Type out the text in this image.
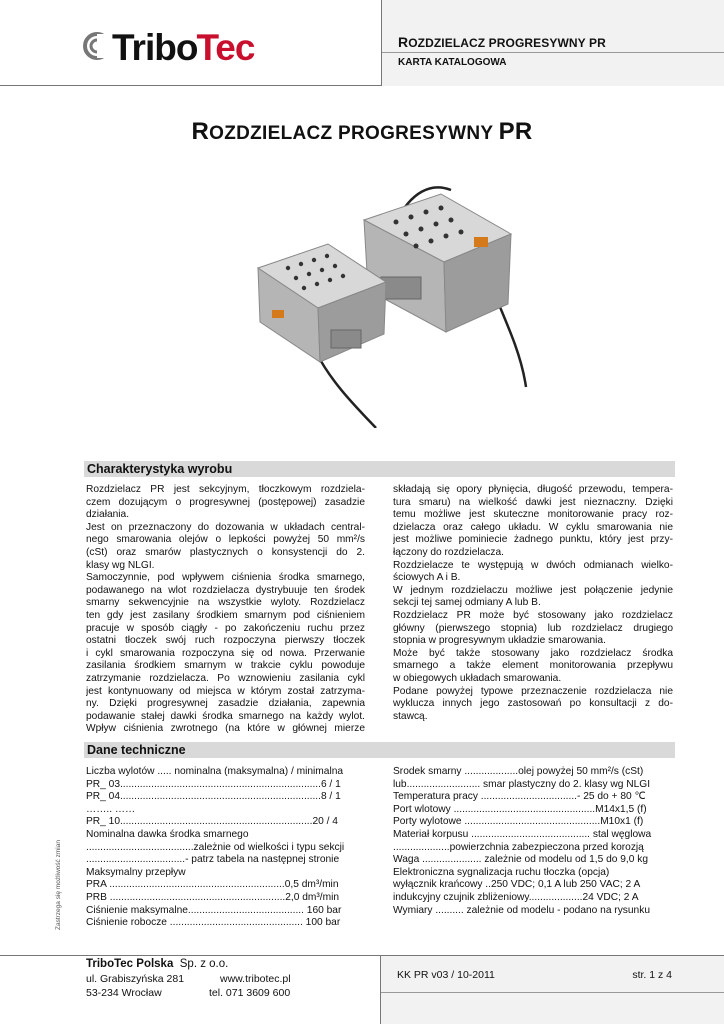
Tribo Tec	ROZDZIELACZ PROGRESYWNY PR
KARTA KATALOGOWA
ROZDZIELACZ PROGRESYWNY PR
Charakterystyka wyrobu
Rozdzielacz PR jest sekcyjnym, tłoczkowym rozdziela-
czem dozującym o progresywnej (postępowej) zasadzie
działania.
Jest on przeznaczony do dozowania w układach central-
nego smarowania olejów o lepkości powyżej 50 mm²/s
(cSt) oraz smarów plastycznych o konsystencji do 2.
klasy wg NLGI.
Samoczynnie, pod wpływem ciśnienia środka smarnego,
podawanego na wlot rozdzielacza dystrybuuje ten środek
smarny sekwencyjnie na wszystkie wyloty. Rozdzielacz
ten gdy jest zasilany środkiem smarnym pod ciśnieniem
pracuje w sposób ciągły - po zakończeniu ruchu przez
ostatni tłoczek swój ruch rozpoczyna pierwszy tłoczek
i cykl smarowania rozpoczyna się od nowa. Przerwanie
zasilania środkiem smarnym w trakcie cyklu powoduje
zatrzymanie rozdzielacza. Po wznowieniu zasilania cykl
jest kontynuowany od miejsca w którym został zatrzyma-
ny. Dzięki progresywnej zasadzie działania, zapewnia
podawanie stałej dawki środka smarnego na każdy wylot.
Wpływ ciśnienia zwrotnego (na które w głównej mierze
składają się opory płynięcia, długość przewodu, tempera-
tura smaru) na wielkość dawki jest nieznaczny. Dzięki
temu możliwe jest skuteczne monitorowanie pracy roz-
dzielacza oraz całego układu. W cyklu smarowania nie
jest możliwe pominiecie żadnego punktu, który jest przy-
łączony do rozdzielacza.
Rozdzielacze te występują w dwóch odmianach wielko-
ściowych A i B.
W jednym rozdzielaczu możliwe jest połączenie jedynie
sekcji tej samej odmiany A lub B.
Rozdzielacz PR może być stosowany jako rozdzielacz
główny (pierwszego stopnia) lub rozdzielacz drugiego
stopnia w progresywnym układzie smarowania.
Może być także stosowany jako rozdzielacz środka
smarnego a także element monitorowania przepływu
w obiegowych układach smarowania.
Podane powyżej typowe przeznaczenie rozdzielacza nie
wyklucza innych jego zastosowań po konsultacji z do-
stawcą.
Dane techniczne
Liczba wylotów ..... nominalna (maksymalna) / minimalna
PR_ 03.......................................................................6 / 1
PR_ 04.......................................................................8 / 1
…….. ……
PR_ 10....................................................................20 / 4
Nominalna dawka środka smarnego
......................................zależnie od wielkości i typu sekcji
...................................- patrz tabela na następnej stronie
Maksymalny przepływ
PRA ..............................................................0,5 dm³/min
PRB ..............................................................2,0 dm³/min
Ciśnienie maksymalne......................................... 160 bar
Ciśnienie robocze ............................................... 100 bar
Środek smarny ...................olej powyżej 50 mm²/s (cSt)
lub.......................... smar plastyczny do 2. klasy wg NLGI
Temperatura pracy ..................................- 25 do + 80 ℃
Port wlotowy ..................................................M14x1,5 (f)
Porty wylotowe ................................................M10x1 (f)
Materiał korpusu .......................................... stal węglowa
....................powierzchnia zabezpieczona przed korozją
Waga ..................... zależnie od modelu od 1,5 do 9,0 kg
Elektroniczna sygnalizacja ruchu tłoczka (opcja)
wyłącznik krańcowy ..250 VDC; 0,1 A lub 250 VAC; 2 A
indukcyjny czujnik zbliżeniowy...................24 VDC; 2 A
Wymiary .......... zależnie od modelu - podano na rysunku
Zastrzega się możliwość zmian
TriboTec Polska Sp. z o.o.
ul. Grabiszyńska 281
53-234 Wrocław
www.tribotec.pl
tel. 071 3609 600
KK PR v03 / 10-2011	str. 1 z 4
